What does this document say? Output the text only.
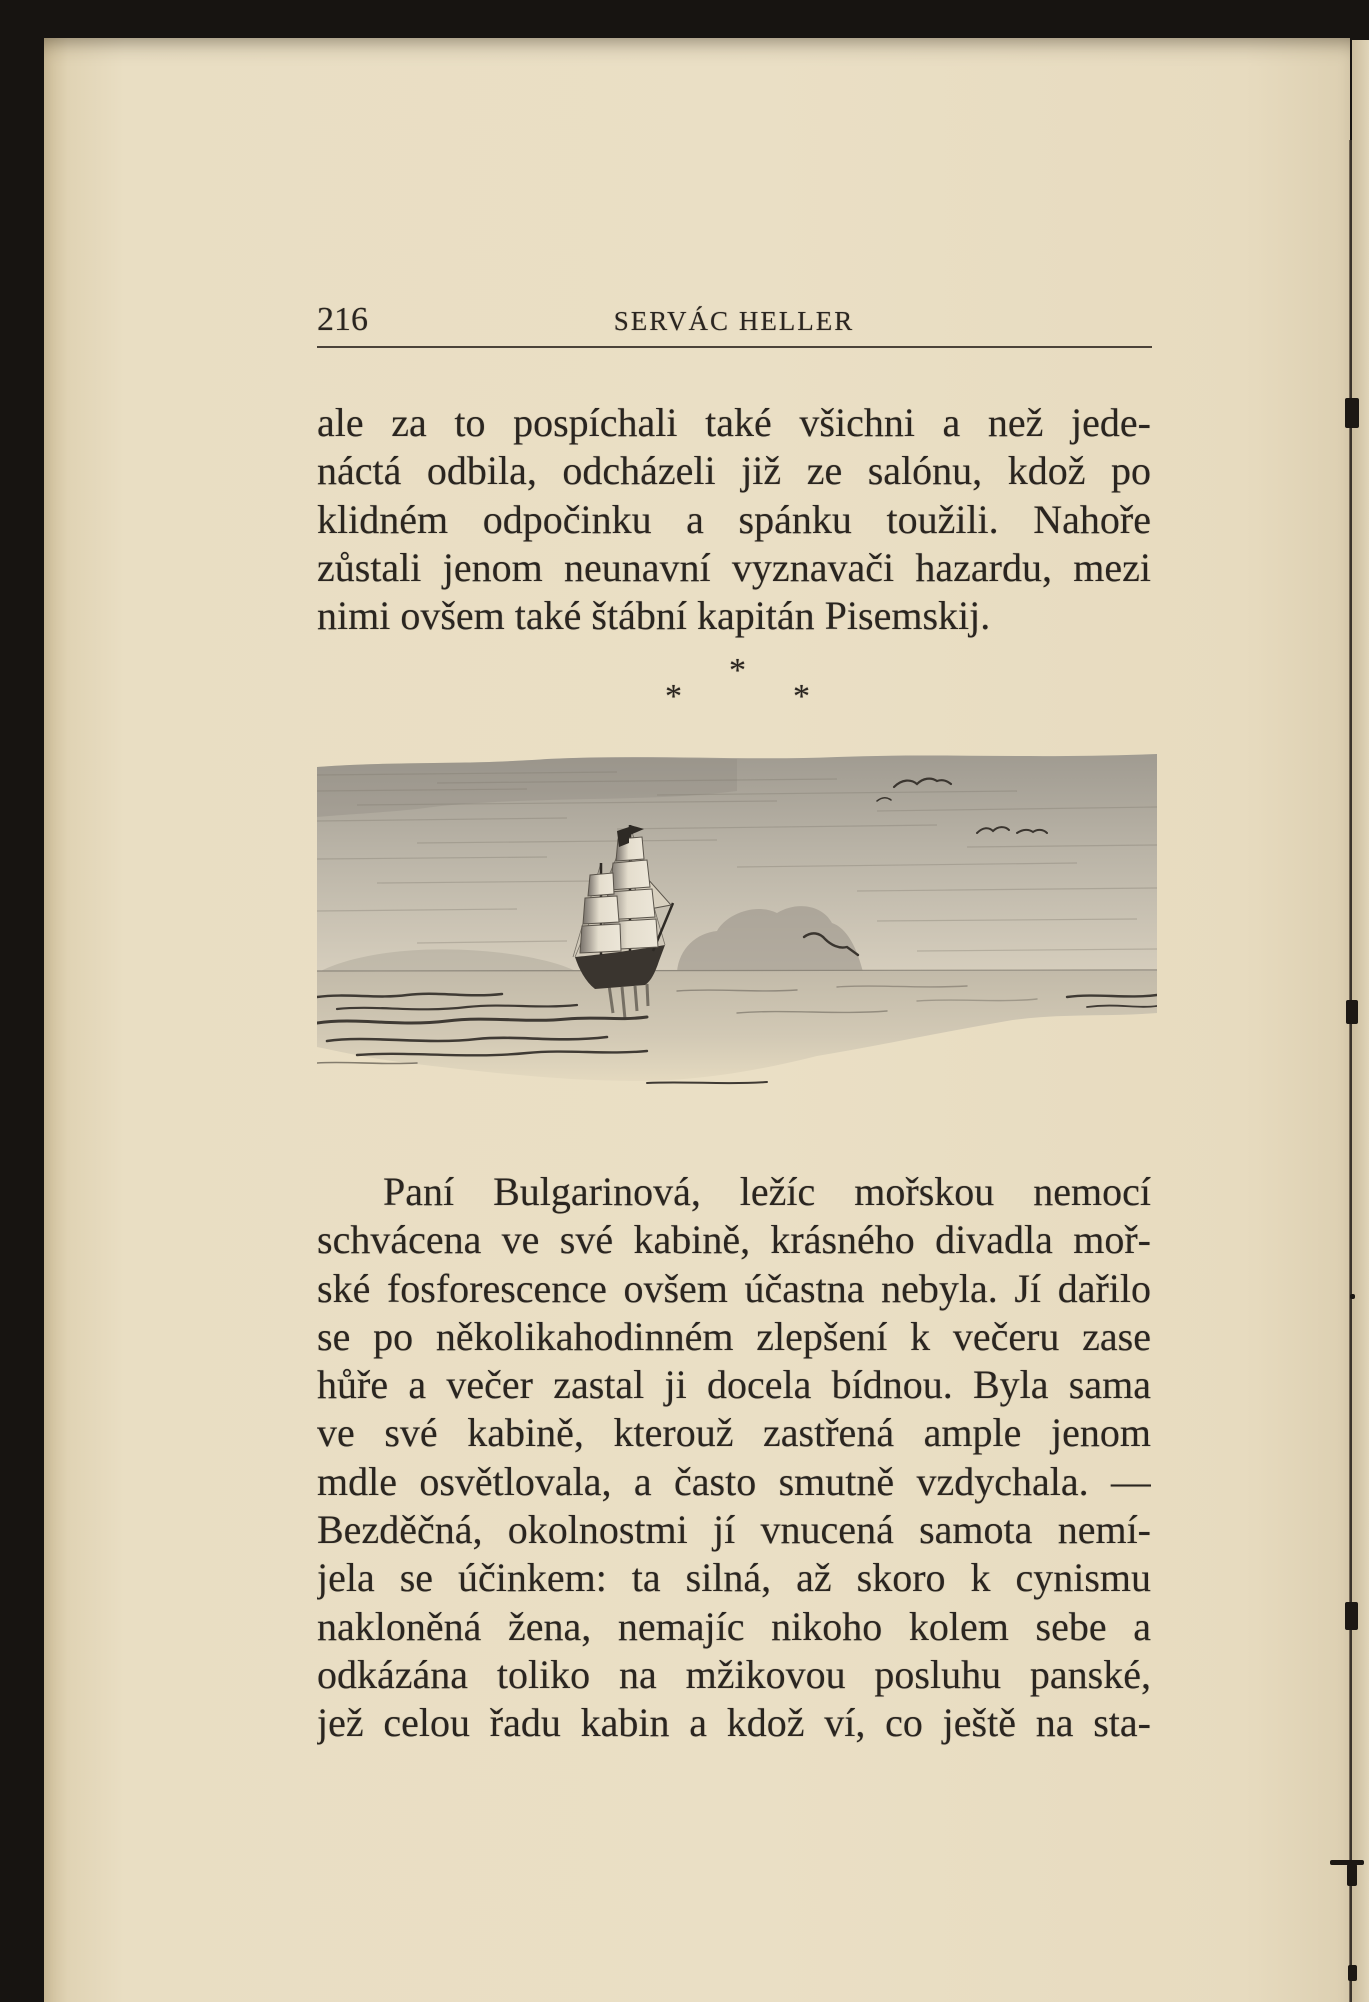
216	SERVÁC HELLER
ale za to pospíchali také všichni a než jede-
náctá odbila, odcházeli již ze salónu, kdož po
klidném odpočinku a spánku toužili. Nahoře
zůstali jenom neunavní vyznavači hazardu, mezi
nimi ovšem také štábní kapitán Pisemskij.
*
*	*
Paní Bulgarinová, ležíc mořskou nemocí
schvácena ve své kabině, krásného divadla moř-
ské fosforescence ovšem účastna nebyla. Jí dařilo
se po několikahodinném zlepšení k večeru zase
hůře a večer zastal ji docela bídnou. Byla sama
ve své kabině, kterouž zastřená ample jenom
mdle osvětlovala, a často smutně vzdychala. —
Bezděčná, okolnostmi jí vnucená samota nemí-
jela se účinkem: ta silná, až skoro k cynismu
nakloněná žena, nemajíc nikoho kolem sebe a
odkázána toliko na mžikovou posluhu panské,
jež celou řadu kabin a kdož ví, co ještě na sta-
